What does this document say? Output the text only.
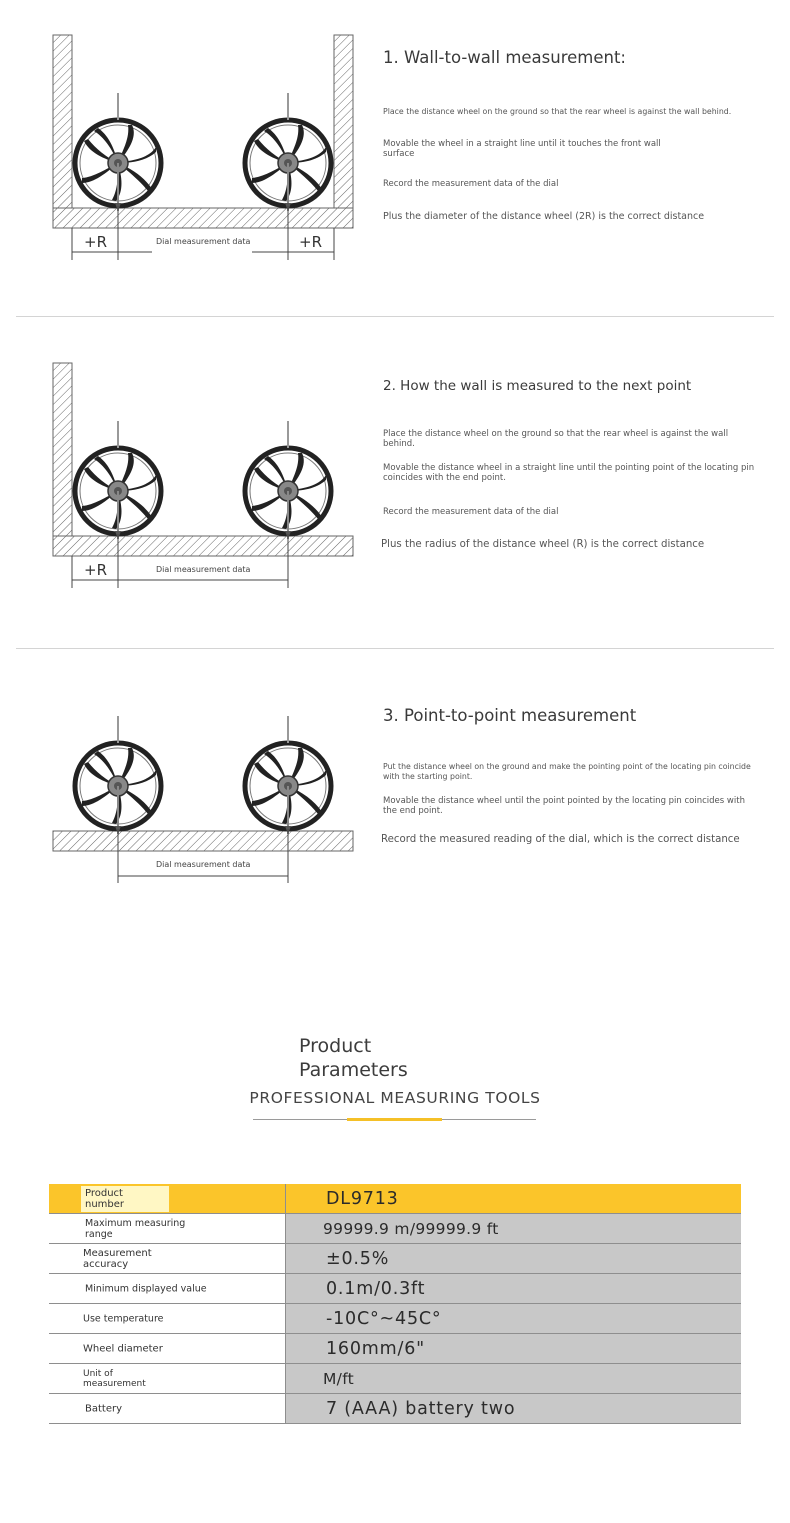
+R	Dial measurement data	+R
1. Wall-to-wall measurement:
Place the distance wheel on the ground so that the rear wheel is against the wall behind.
Movable the wheel in a straight line until it touches the front wall surface
Record the measurement data of the dial
Plus the diameter of the distance wheel (2R) is the correct distance
+R	Dial measurement data
2. How the wall is measured to the next point
Place the distance wheel on the ground so that the rear wheel is against the wall behind.
Movable the distance wheel in a straight line until the pointing point of the locating pin coincides with the end point.
Record the measurement data of the dial
Plus the radius of the distance wheel (R) is the correct distance
Dial measurement data
3. Point-to-point measurement
Put the distance wheel on the ground and make the pointing point of the locating pin coincide with the starting point.
Movable the distance wheel until the point pointed by the locating pin coincides with the end point.
Record the measured reading of the dial, which is the correct distance
Product
Parameters
PROFESSIONAL MEASURING TOOLS
Product number	DL9713
Maximum measuring range	99999.9 m/99999.9 ft
Measurement accuracy	±0.5%
Minimum displayed value	0.1m/0.3ft
Use temperature	-10C°~45C°
Wheel diameter	160mm/6"
Unit of measurement	M/ft
Battery	7 (AAA) battery two
